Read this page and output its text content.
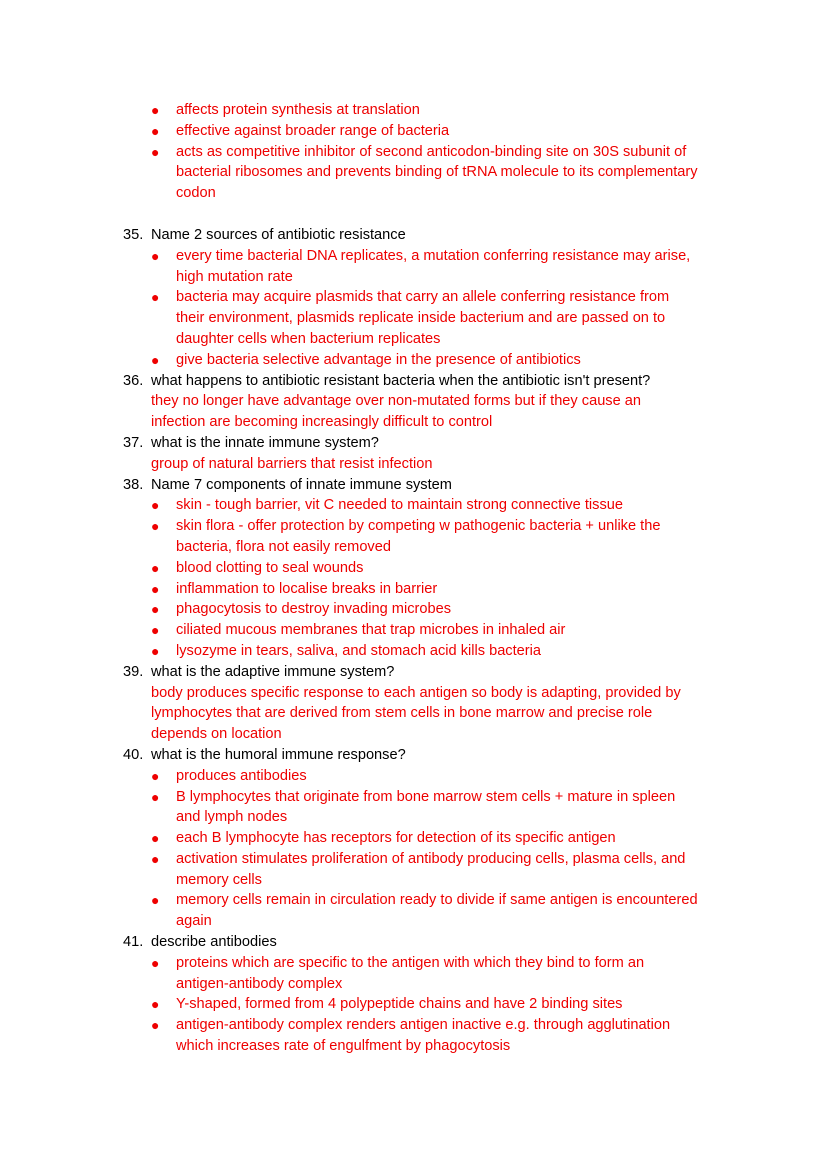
● affects protein synthesis at translation
● effective against broader range of bacteria
● acts as competitive inhibitor of second anticodon-binding site on 30S subunit of
bacterial ribosomes and prevents binding of tRNA molecule to its complementary
codon
35. Name 2 sources of antibiotic resistance
● every time bacterial DNA replicates, a mutation conferring resistance may arise,
high mutation rate
● bacteria may acquire plasmids that carry an allele conferring resistance from
their environment, plasmids replicate inside bacterium and are passed on to
daughter cells when bacterium replicates
● give bacteria selective advantage in the presence of antibiotics
36. what happens to antibiotic resistant bacteria when the antibiotic isn't present?
they no longer have advantage over non-mutated forms but if they cause an
infection are becoming increasingly difficult to control
37. what is the innate immune system?
group of natural barriers that resist infection
38. Name 7 components of innate immune system
● skin - tough barrier, vit C needed to maintain strong connective tissue
● skin flora - offer protection by competing w pathogenic bacteria + unlike the
bacteria, flora not easily removed
● blood clotting to seal wounds
● inflammation to localise breaks in barrier
● phagocytosis to destroy invading microbes
● ciliated mucous membranes that trap microbes in inhaled air
● lysozyme in tears, saliva, and stomach acid kills bacteria
39. what is the adaptive immune system?
body produces specific response to each antigen so body is adapting, provided by
lymphocytes that are derived from stem cells in bone marrow and precise role
depends on location
40. what is the humoral immune response?
● produces antibodies
● B lymphocytes that originate from bone marrow stem cells + mature in spleen
and lymph nodes
● each B lymphocyte has receptors for detection of its specific antigen
● activation stimulates proliferation of antibody producing cells, plasma cells, and
memory cells
● memory cells remain in circulation ready to divide if same antigen is encountered
again
41. describe antibodies
● proteins which are specific to the antigen with which they bind to form an
antigen-antibody complex
● Y-shaped, formed from 4 polypeptide chains and have 2 binding sites
● antigen-antibody complex renders antigen inactive e.g. through agglutination
which increases rate of engulfment by phagocytosis
